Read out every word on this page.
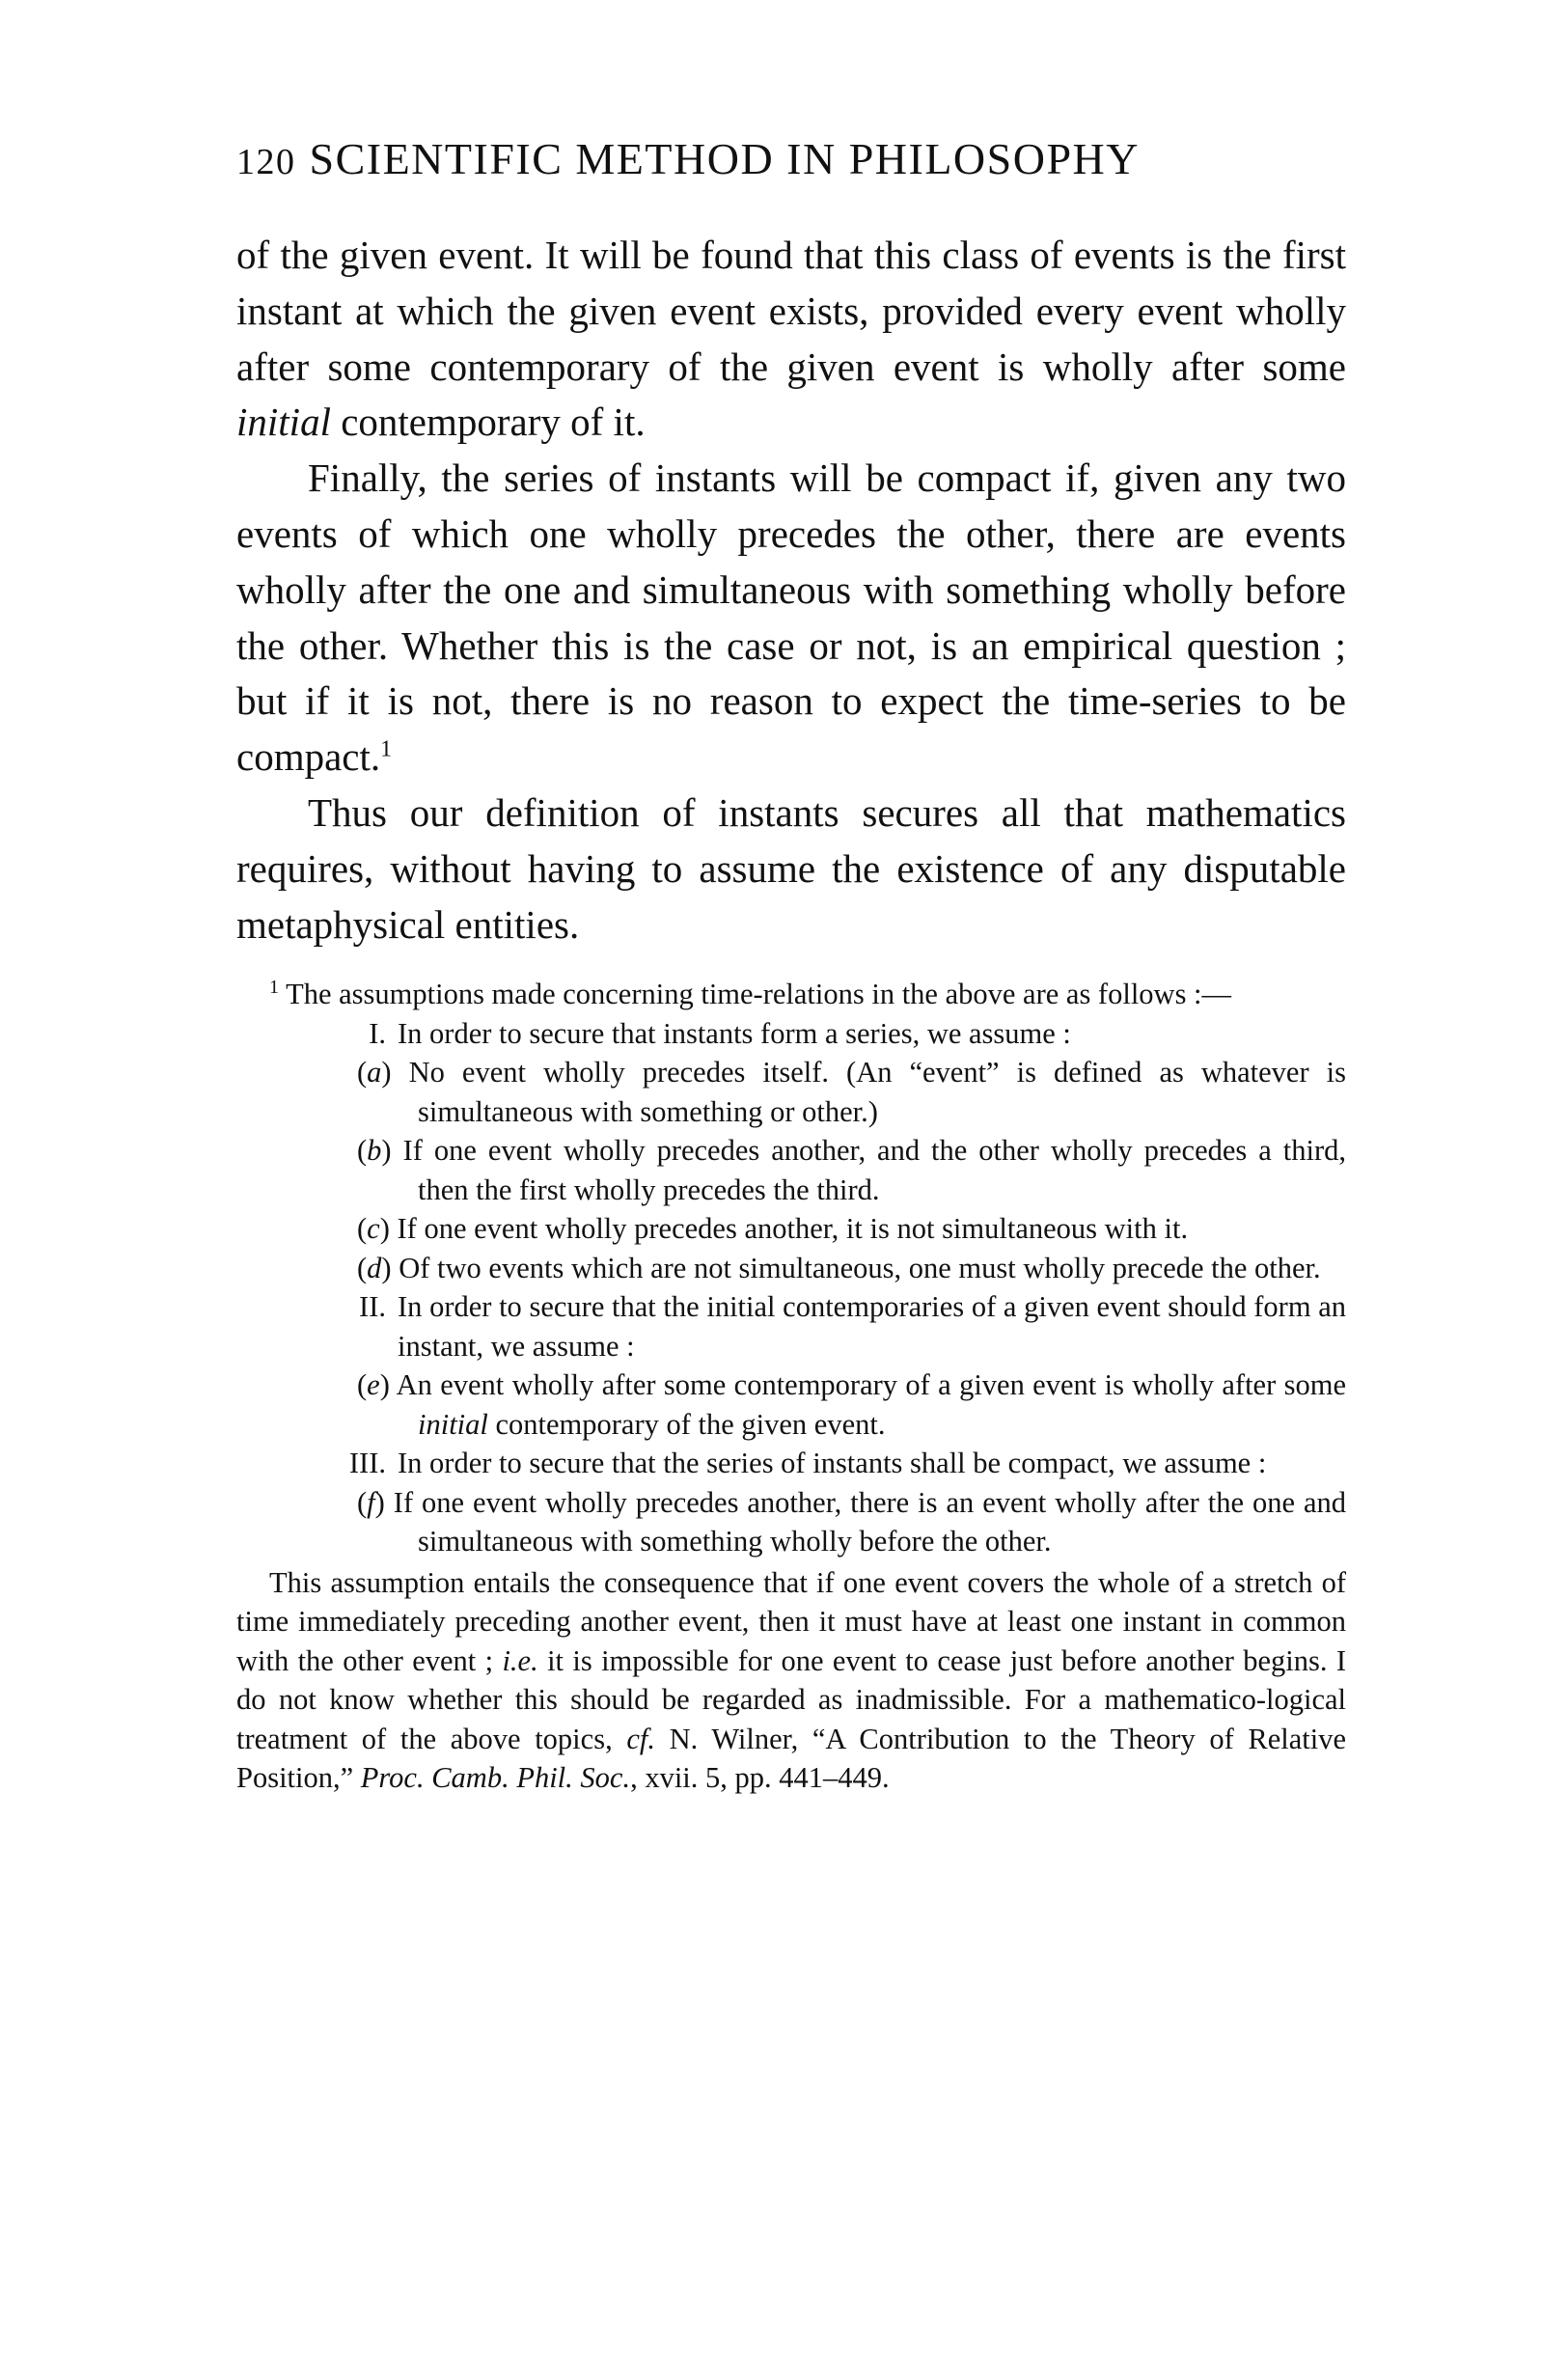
120 SCIENTIFIC METHOD IN PHILOSOPHY

of the given event. It will be found that this class of events is the first instant at which the given event exists, provided every event wholly after some contemporary of the given event is wholly after some initial contemporary of it.

Finally, the series of instants will be compact if, given any two events of which one wholly precedes the other, there are events wholly after the one and simultaneous with something wholly before the other. Whether this is the case or not, is an empirical question ; but if it is not, there is no reason to expect the time-series to be compact.$^1$

Thus our definition of instants secures all that mathematics requires, without having to assume the existence of any disputable metaphysical entities.

$^1$ The assumptions made concerning time-relations in the above are as follows :—

I. In order to secure that instants form a series, we assume :
(a) No event wholly precedes itself. (An “event” is defined as whatever is simultaneous with something or other.)
(b) If one event wholly precedes another, and the other wholly precedes a third, then the first wholly precedes the third.
(c) If one event wholly precedes another, it is not simultaneous with it.
(d) Of two events which are not simultaneous, one must wholly precede the other.
II. In order to secure that the initial contemporaries of a given event should form an instant, we assume :
(e) An event wholly after some contemporary of a given event is wholly after some initial contemporary of the given event.
III. In order to secure that the series of instants shall be compact, we assume :
(f) If one event wholly precedes another, there is an event wholly after the one and simultaneous with something wholly before the other.

This assumption entails the consequence that if one event covers the whole of a stretch of time immediately preceding another event, then it must have at least one instant in common with the other event ; i.e. it is impossible for one event to cease just before another begins. I do not know whether this should be regarded as inadmissible. For a mathematico-logical treatment of the above topics, cf. N. Wilner, “A Contribution to the Theory of Relative Position,” Proc. Camb. Phil. Soc., xvii. 5, pp. 441–449.
